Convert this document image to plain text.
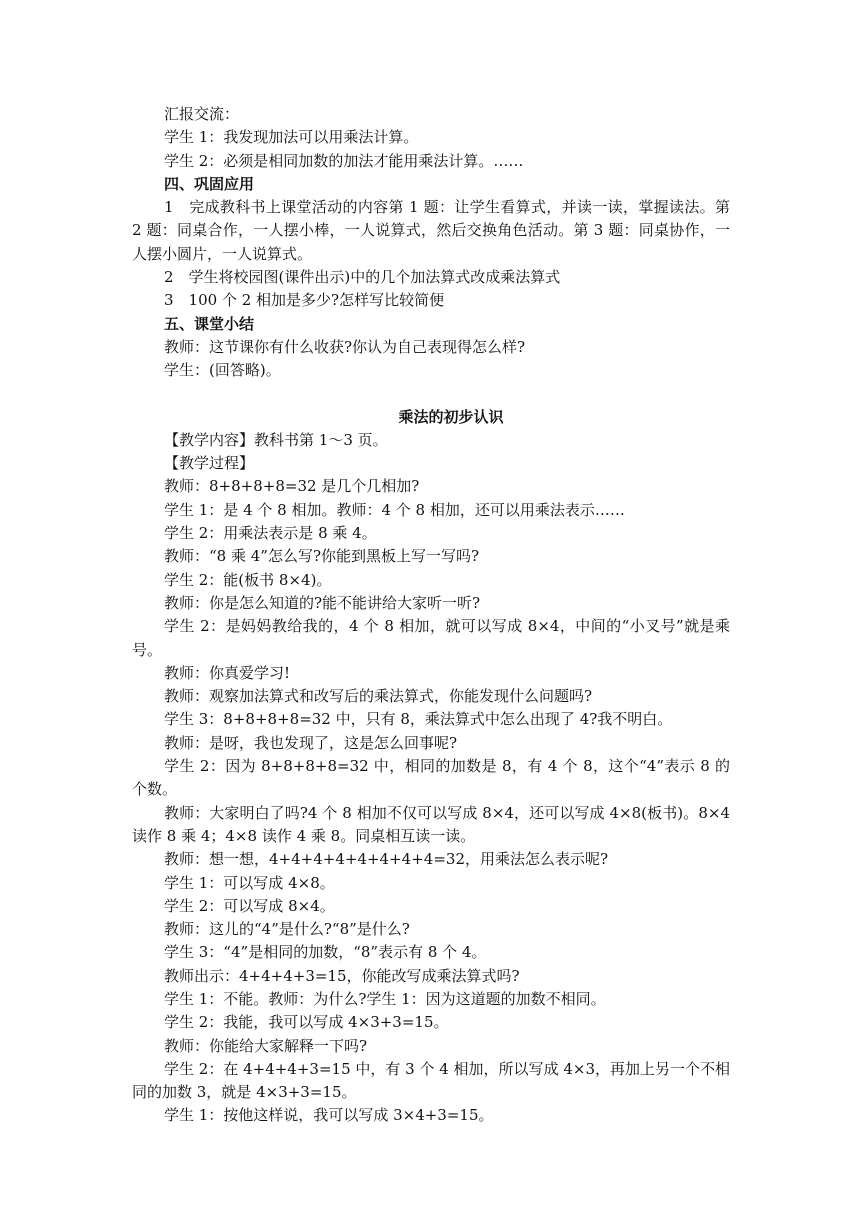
汇报交流：

学生 1：我发现加法可以用乘法计算。

学生 2：必须是相同加数的加法才能用乘法计算。……

四、巩固应用

1　完成教科书上课堂活动的内容第 1 题：让学生看算式，并读一读，掌握读法。第 2 题：同桌合作，一人摆小棒，一人说算式，然后交换角色活动。第 3 题：同桌协作，一人摆小圆片，一人说算式。

2　学生将校园图(课件出示)中的几个加法算式改成乘法算式

3　100 个 2 相加是多少?怎样写比较简便

五、课堂小结

教师：这节课你有什么收获?你认为自己表现得怎么样?

学生：(回答略)。

乘法的初步认识

【教学内容】教科书第 1～3 页。

【教学过程】

教师：8+8+8+8=32 是几个几相加?

学生 1：是 4 个 8 相加。教师：4 个 8 相加，还可以用乘法表示……

学生 2：用乘法表示是 8 乘 4。

教师：“8 乘 4”怎么写?你能到黑板上写一写吗?

学生 2：能(板书 8×4)。

教师：你是怎么知道的?能不能讲给大家听一听?

学生 2：是妈妈教给我的，4 个 8 相加，就可以写成 8×4，中间的“小叉号”就是乘号。

教师：你真爱学习!

教师：观察加法算式和改写后的乘法算式，你能发现什么问题吗?

学生 3：8+8+8+8=32 中，只有 8，乘法算式中怎么出现了 4?我不明白。

教师：是呀，我也发现了，这是怎么回事呢?

学生 2：因为 8+8+8+8=32 中，相同的加数是 8，有 4 个 8，这个“4”表示 8 的个数。

教师：大家明白了吗?4 个 8 相加不仅可以写成 8×4，还可以写成 4×8(板书)。8×4 读作 8 乘 4；4×8 读作 4 乘 8。同桌相互读一读。

教师：想一想，4+4+4+4+4+4+4+4=32，用乘法怎么表示呢?

学生 1：可以写成 4×8。

学生 2：可以写成 8×4。

教师：这儿的“4”是什么?“8”是什么?

学生 3：“4”是相同的加数，“8”表示有 8 个 4。

教师出示：4+4+4+3=15，你能改写成乘法算式吗?

学生 1：不能。教师：为什么?学生 1：因为这道题的加数不相同。

学生 2：我能，我可以写成 4×3+3=15。

教师：你能给大家解释一下吗?

学生 2：在 4+4+4+3=15 中，有 3 个 4 相加，所以写成 4×3，再加上另一个不相同的加数 3，就是 4×3+3=15。

学生 1：按他这样说，我可以写成 3×4+3=15。
